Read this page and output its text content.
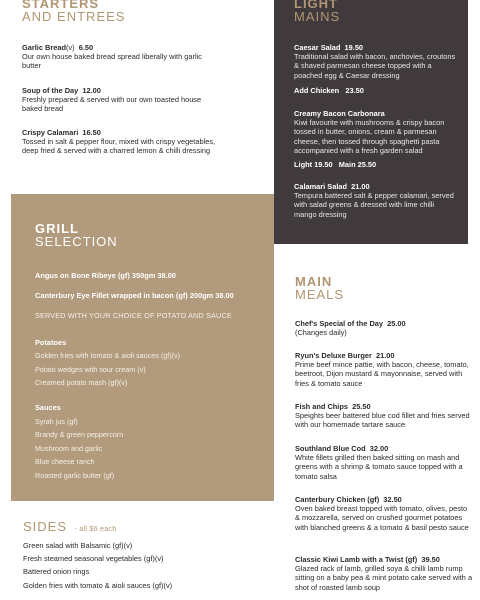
STARTERS
AND ENTREES
Garlic Bread(v) 6.50
Our own house baked bread spread liberally with garlic butter
Soup of the Day 12.00
Freshly prepared & served with our own toasted house baked bread
Crispy Calamari 16.50
Tossed in salt & pepper flour, mixed with crispy vegetables, deep fried & served with a charred lemon & chilli dressing
LIGHT
MAINS
Caesar Salad 19.50
Traditional salad with bacon, anchovies, croutons & shaved parmesan cheese topped with a poached egg & Caesar dressing
Add Chicken 23.50
Creamy Bacon Carbonara
Kiwi favourite with mushrooms & crispy bacon tossed in butter, onions, cream & parmesan cheese, then tossed through spaghetti pasta accompanied with a fresh garden salad
Light 19.50   Main 25.50
Calamari Salad 21.00
Tempura battered salt & pepper calamari, served with salad greens & dressed with lime chilli mango dressing
GRILL
SELECTION
Angus on Bone Ribeye (gf) 350gm 38.00
Canterbury Eye Fillet wrapped in bacon (gf) 200gm 38.00
SERVED WITH YOUR CHOICE OF POTATO AND SAUCE
Potatoes
Golden fries with tomato & aioli sauces (gf)(v)
Potato wedges with sour cream (v)
Creamed potato mash (gf)(v)
Sauces
Syrah jus (gf)
Brandy & green peppercorn
Mushroom and garlic
Blue cheese ranch
Roasted garlic butter (gf)
SIDES - all $6 each
Green salad with Balsamic (gf)(v)
Fresh steamed seasonal vegetables (gf)(v)
Battered onion rings
Golden fries with tomato & aioli sauces (gf)(v)
MAIN
MEALS
Chef's Special of the Day 25.00
(Changes daily)
Ryun's Deluxe Burger 21.00
Prime beef mince pattie, with bacon, cheese, tomato, beetroot, Dijon mustard & mayonnaise, served with fries & tomato sauce
Fish and Chips 25.50
Speights beer battered blue cod fillet and fries served with our homemade tartare sauce
Southland Blue Cod 32.00
White fillets grilled then baked sitting on mash and greens with a shrimp & tomato sauce topped with a tomato salsa
Canterbury Chicken (gf) 32.50
Oven baked breast topped with tomato, olives, pesto & mozzarella, served on crushed gourmet potatoes with blanched greens & a tomato & basil pesto sauce
Classic Kiwi Lamb with a Twist (gf) 39.50
Glazed rack of lamb, grilled soya & chilli lamb rump sitting on a baby pea & mint potato cake served with a shot of roasted lamb soup
